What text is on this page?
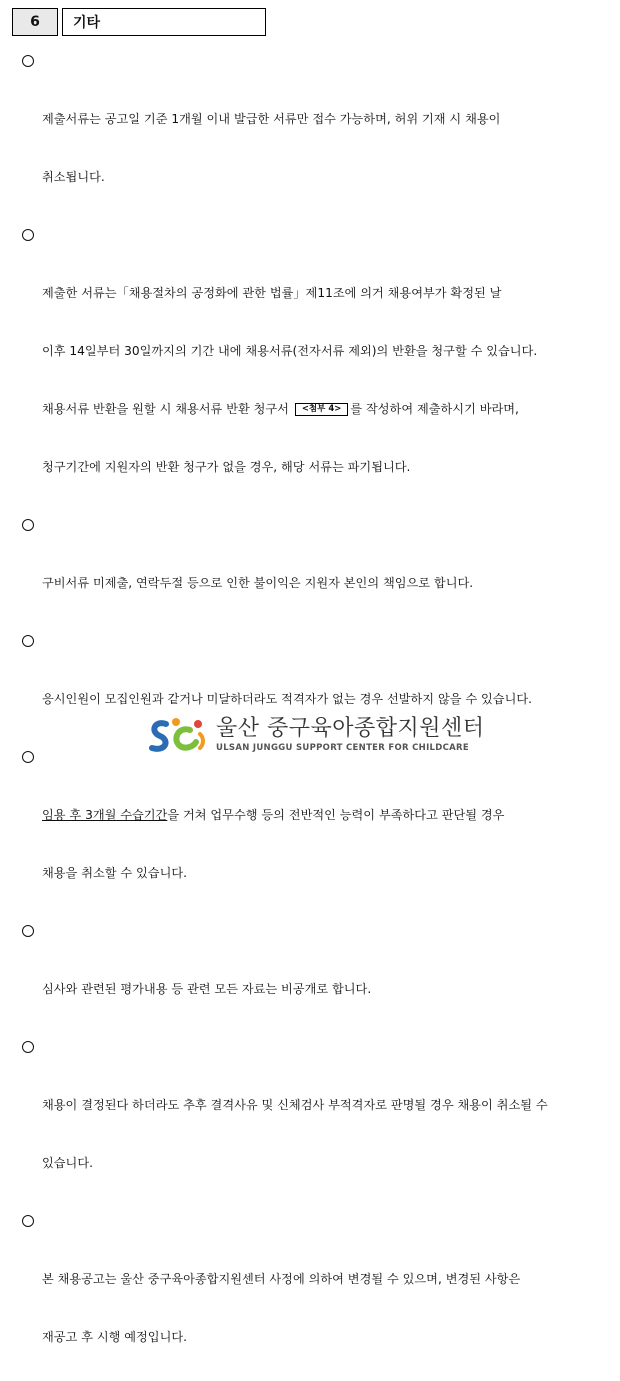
6	기타

제출서류는 공고일 기준 1개월 이내 발급한 서류만 접수 가능하며, 허위 기재 시 채용이

취소됩니다.

제출한 서류는「채용절차의 공정화에 관한 법률」제11조에 의거 채용여부가 확정된 날

이후 14일부터 30일까지의 기간 내에 채용서류(전자서류 제외)의 반환을 청구할 수 있습니다.

채용서류 반환을 원할 시 채용서류 반환 청구서 <첨부 4> 를 작성하여 제출하시기 바라며,

청구기간에 지원자의 반환 청구가 없을 경우, 해당 서류는 파기됩니다.

구비서류 미제출, 연락두절 등으로 인한 불이익은 지원자 본인의 책임으로 합니다.

응시인원이 모집인원과 같거나 미달하더라도 적격자가 없는 경우 선발하지 않을 수 있습니다.

임용 후 3개월 수습기간을 거쳐 업무수행 등의 전반적인 능력이 부족하다고 판단될 경우

채용을 취소할 수 있습니다.

심사와 관련된 평가내용 등 관련 모든 자료는 비공개로 합니다.

채용이 결정된다 하더라도 추후 결격사유 및 신체검사 부적격자로 판명될 경우 채용이 취소될 수

있습니다.

본 채용공고는 울산 중구육아종합지원센터 사정에 의하여 변경될 수 있으며, 변경된 사항은

재공고 후 시행 예정입니다.

울산 중구육아종합지원센터
ULSAN JUNGGU SUPPORT CENTER FOR CHILDCARE
